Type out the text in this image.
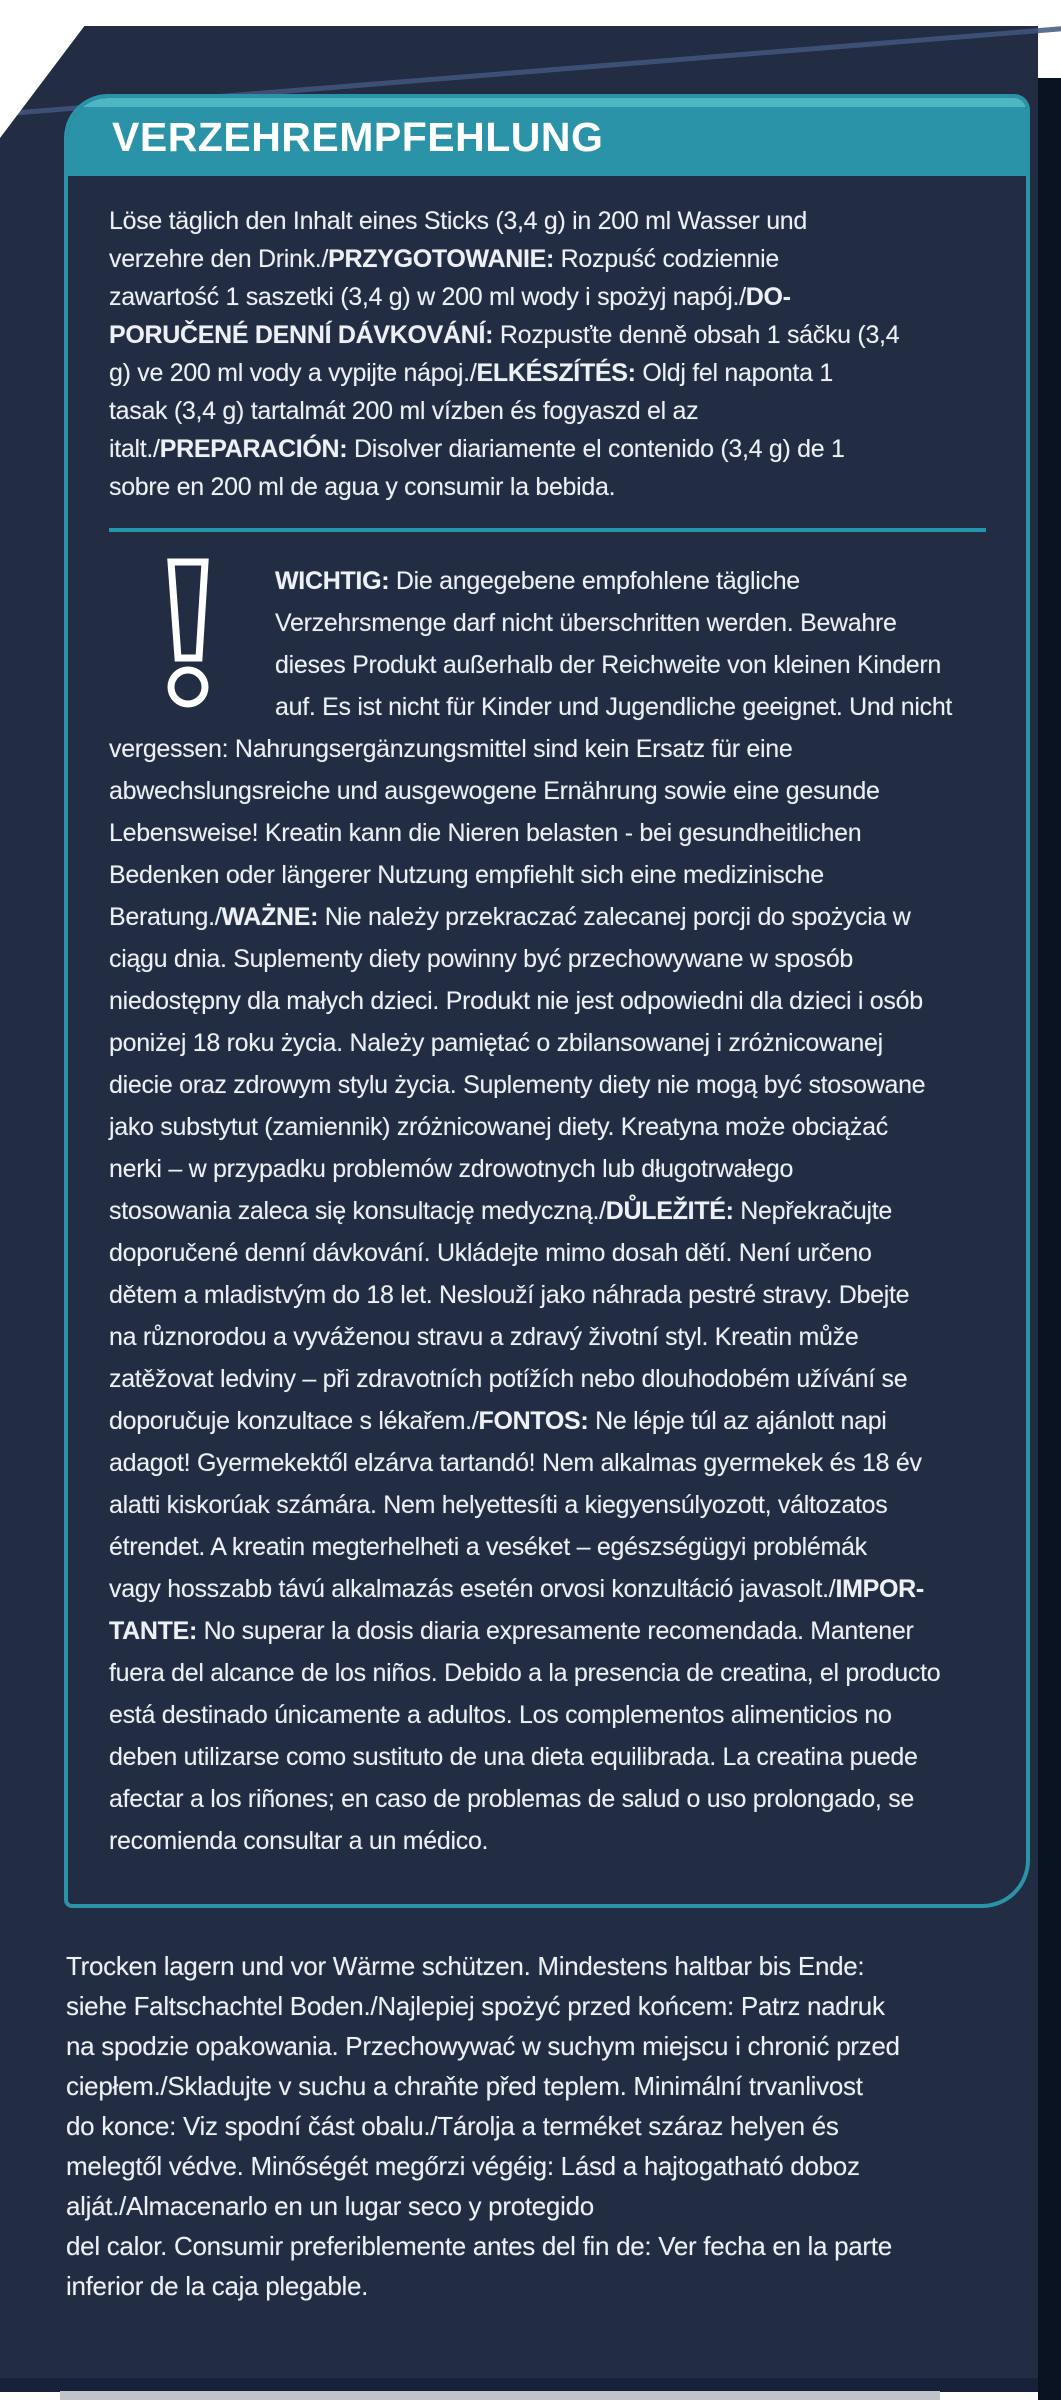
VERZEHREMPFEHLUNG
Löse täglich den Inhalt eines Sticks (3,4 g) in 200 ml Wasser und
verzehre den Drink./PRZYGOTOWANIE: Rozpuść codziennie
zawartość 1 saszetki (3,4 g) w 200 ml wody i spożyj napój./DO-
PORUČENÉ DENNÍ DÁVKOVÁNÍ: Rozpusťte denně obsah 1 sáčku (3,4
g) ve 200 ml vody a vypijte nápoj./ELKÉSZÍTÉS: Oldj fel naponta 1
tasak (3,4 g) tartalmát 200 ml vízben és fogyaszd el az
italt./PREPARACIÓN: Disolver diariamente el contenido (3,4 g) de 1
sobre en 200 ml de agua y consumir la bebida.
WICHTIG: Die angegebene empfohlene tägliche
Verzehrsmenge darf nicht überschritten werden. Bewahre
dieses Produkt außerhalb der Reichweite von kleinen Kindern
auf. Es ist nicht für Kinder und Jugendliche geeignet. Und nicht
vergessen: Nahrungsergänzungsmittel sind kein Ersatz für eine
abwechslungsreiche und ausgewogene Ernährung sowie eine gesunde
Lebensweise! Kreatin kann die Nieren belasten - bei gesundheitlichen
Bedenken oder längerer Nutzung empfiehlt sich eine medizinische
Beratung./WAŻNE: Nie należy przekraczać zalecanej porcji do spożycia w
ciągu dnia. Suplementy diety powinny być przechowywane w sposób
niedostępny dla małych dzieci. Produkt nie jest odpowiedni dla dzieci i osób
poniżej 18 roku życia. Należy pamiętać o zbilansowanej i zróżnicowanej
diecie oraz zdrowym stylu życia. Suplementy diety nie mogą być stosowane
jako substytut (zamiennik) zróżnicowanej diety. Kreatyna może obciążać
nerki – w przypadku problemów zdrowotnych lub długotrwałego
stosowania zaleca się konsultację medyczną./DŮLEŽITÉ: Nepřekračujte
doporučené denní dávkování. Ukládejte mimo dosah dětí. Není určeno
dětem a mladistvým do 18 let. Neslouží jako náhrada pestré stravy. Dbejte
na různorodou a vyváženou stravu a zdravý životní styl. Kreatin může
zatěžovat ledviny – při zdravotních potížích nebo dlouhodobém užívání se
doporučuje konzultace s lékařem./FONTOS: Ne lépje túl az ajánlott napi
adagot! Gyermekektől elzárva tartandó! Nem alkalmas gyermekek és 18 év
alatti kiskorúak számára. Nem helyettesíti a kiegyensúlyozott, változatos
étrendet. A kreatin megterhelheti a veséket – egészségügyi problémák
vagy hosszabb távú alkalmazás esetén orvosi konzultáció javasolt./IMPOR-
TANTE: No superar la dosis diaria expresamente recomendada. Mantener
fuera del alcance de los niños. Debido a la presencia de creatina, el producto
está destinado únicamente a adultos. Los complementos alimenticios no
deben utilizarse como sustituto de una dieta equilibrada. La creatina puede
afectar a los riñones; en caso de problemas de salud o uso prolongado, se
recomienda consultar a un médico.
Trocken lagern und vor Wärme schützen. Mindestens haltbar bis Ende:
siehe Faltschachtel Boden./Najlepiej spożyć przed końcem: Patrz nadruk
na spodzie opakowania. Przechowywać w suchym miejscu i chronić przed
ciepłem./Skladujte v suchu a chraňte před teplem. Minimální trvanlivost
do konce: Viz spodní část obalu./Tárolja a terméket száraz helyen és
melegtől védve. Minőségét megőrzi végéig: Lásd a hajtogatható doboz
alját./Almacenarlo en un lugar seco y protegido
del calor. Consumir preferiblemente antes del fin de: Ver fecha en la parte
inferior de la caja plegable.
